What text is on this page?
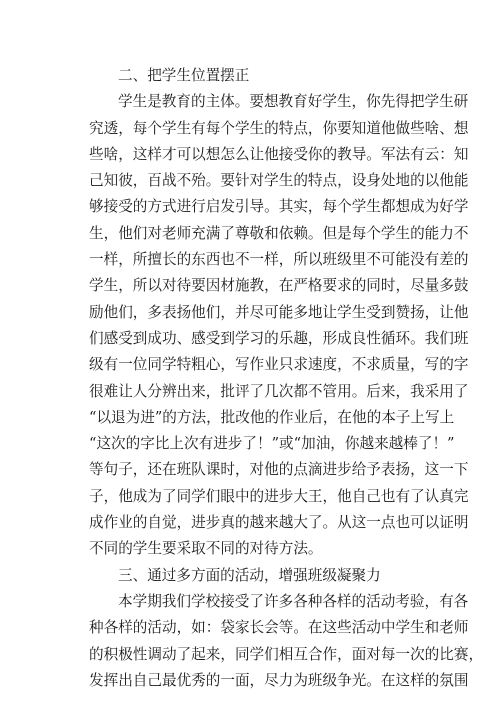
二、把学生位置摆正
学生是教育的主体。要想教育好学生，你先得把学生研
究透，每个学生有每个学生的特点，你要知道他做些啥、想
些啥，这样才可以想怎么让他接受你的教导。军法有云：知
己知彼，百战不殆。要针对学生的特点，设身处地的以他能
够接受的方式进行启发引导。其实，每个学生都想成为好学
生，他们对老师充满了尊敬和依赖。但是每个学生的能力不
一样，所擅长的东西也不一样，所以班级里不可能没有差的
学生，所以对待要因材施教，在严格要求的同时，尽量多鼓
励他们，多表扬他们，并尽可能多地让学生受到赞扬，让他
们感受到成功、感受到学习的乐趣，形成良性循环。我们班
级有一位同学特粗心，写作业只求速度，不求质量，写的字
很难让人分辨出来，批评了几次都不管用。后来，我采用了
“以退为进”的方法，批改他的作业后，在他的本子上写上
“这次的字比上次有进步了！”或“加油，你越来越棒了！”
等句子，还在班队课时，对他的点滴进步给予表扬，这一下
子，他成为了同学们眼中的进步大王，他自己也有了认真完
成作业的自觉，进步真的越来越大了。从这一点也可以证明
不同的学生要采取不同的对待方法。
三、通过多方面的活动，增强班级凝聚力
本学期我们学校接受了许多各种各样的活动考验，有各
种各样的活动，如：袋家长会等。在这些活动中学生和老师
的积极性调动了起来，同学们相互合作，面对每一次的比赛，
发挥出自己最优秀的一面，尽力为班级争光。在这样的氛围
